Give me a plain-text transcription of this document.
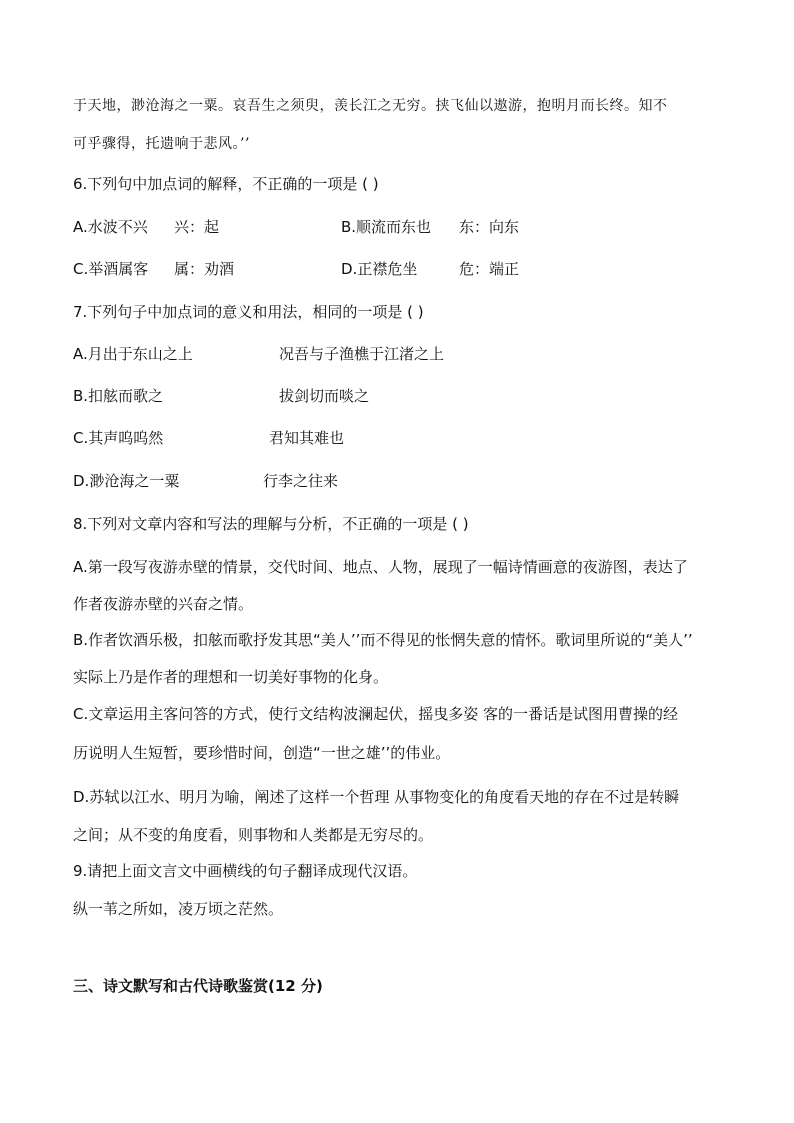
于天地，渺沧海之一粟。哀吾生之须臾，羡长江之无穷。挟飞仙以遨游，抱明月而长终。知不

可乎骤得，托遗响于悲风。’’

6.下列句中加点词的解释，不正确的一项是 ( )

A.水波不兴 兴：起	B.顺流而东也 东：向东
C.举酒属客 属：劝酒	D.正襟危坐	危：端正

7.下列句子中加点词的意义和用法，相同的一项是 ( )

A.月出于东山之上	况吾与子渔樵于江渚之上
B.扣舷而歌之	拔剑切而啖之
C.其声呜呜然	君知其难也
D.渺沧海之一粟	行李之往来

8.下列对文章内容和写法的理解与分析，不正确的一项是 ( )

A.第一段写夜游赤壁的情景，交代时间、地点、人物，展现了一幅诗情画意的夜游图，表达了

作者夜游赤壁的兴奋之情。

B.作者饮酒乐极，扣舷而歌抒发其思“美人’’而不得见的怅惘失意的情怀。歌词里所说的“美人’’

实际上乃是作者的理想和一切美好事物的化身。

C.文章运用主客问答的方式，使行文结构波澜起伏，摇曳多姿 客的一番话是试图用曹操的经

历说明人生短暂，要珍惜时间，创造“一世之雄’’的伟业。

D.苏轼以江水、明月为喻，阐述了这样一个哲理 从事物变化的角度看天地的存在不过是转瞬

之间；从不变的角度看，则事物和人类都是无穷尽的。

9.请把上面文言文中画横线的句子翻译成现代汉语。

纵一苇之所如，凌万顷之茫然。

三、诗文默写和古代诗歌鉴赏(12 分)
